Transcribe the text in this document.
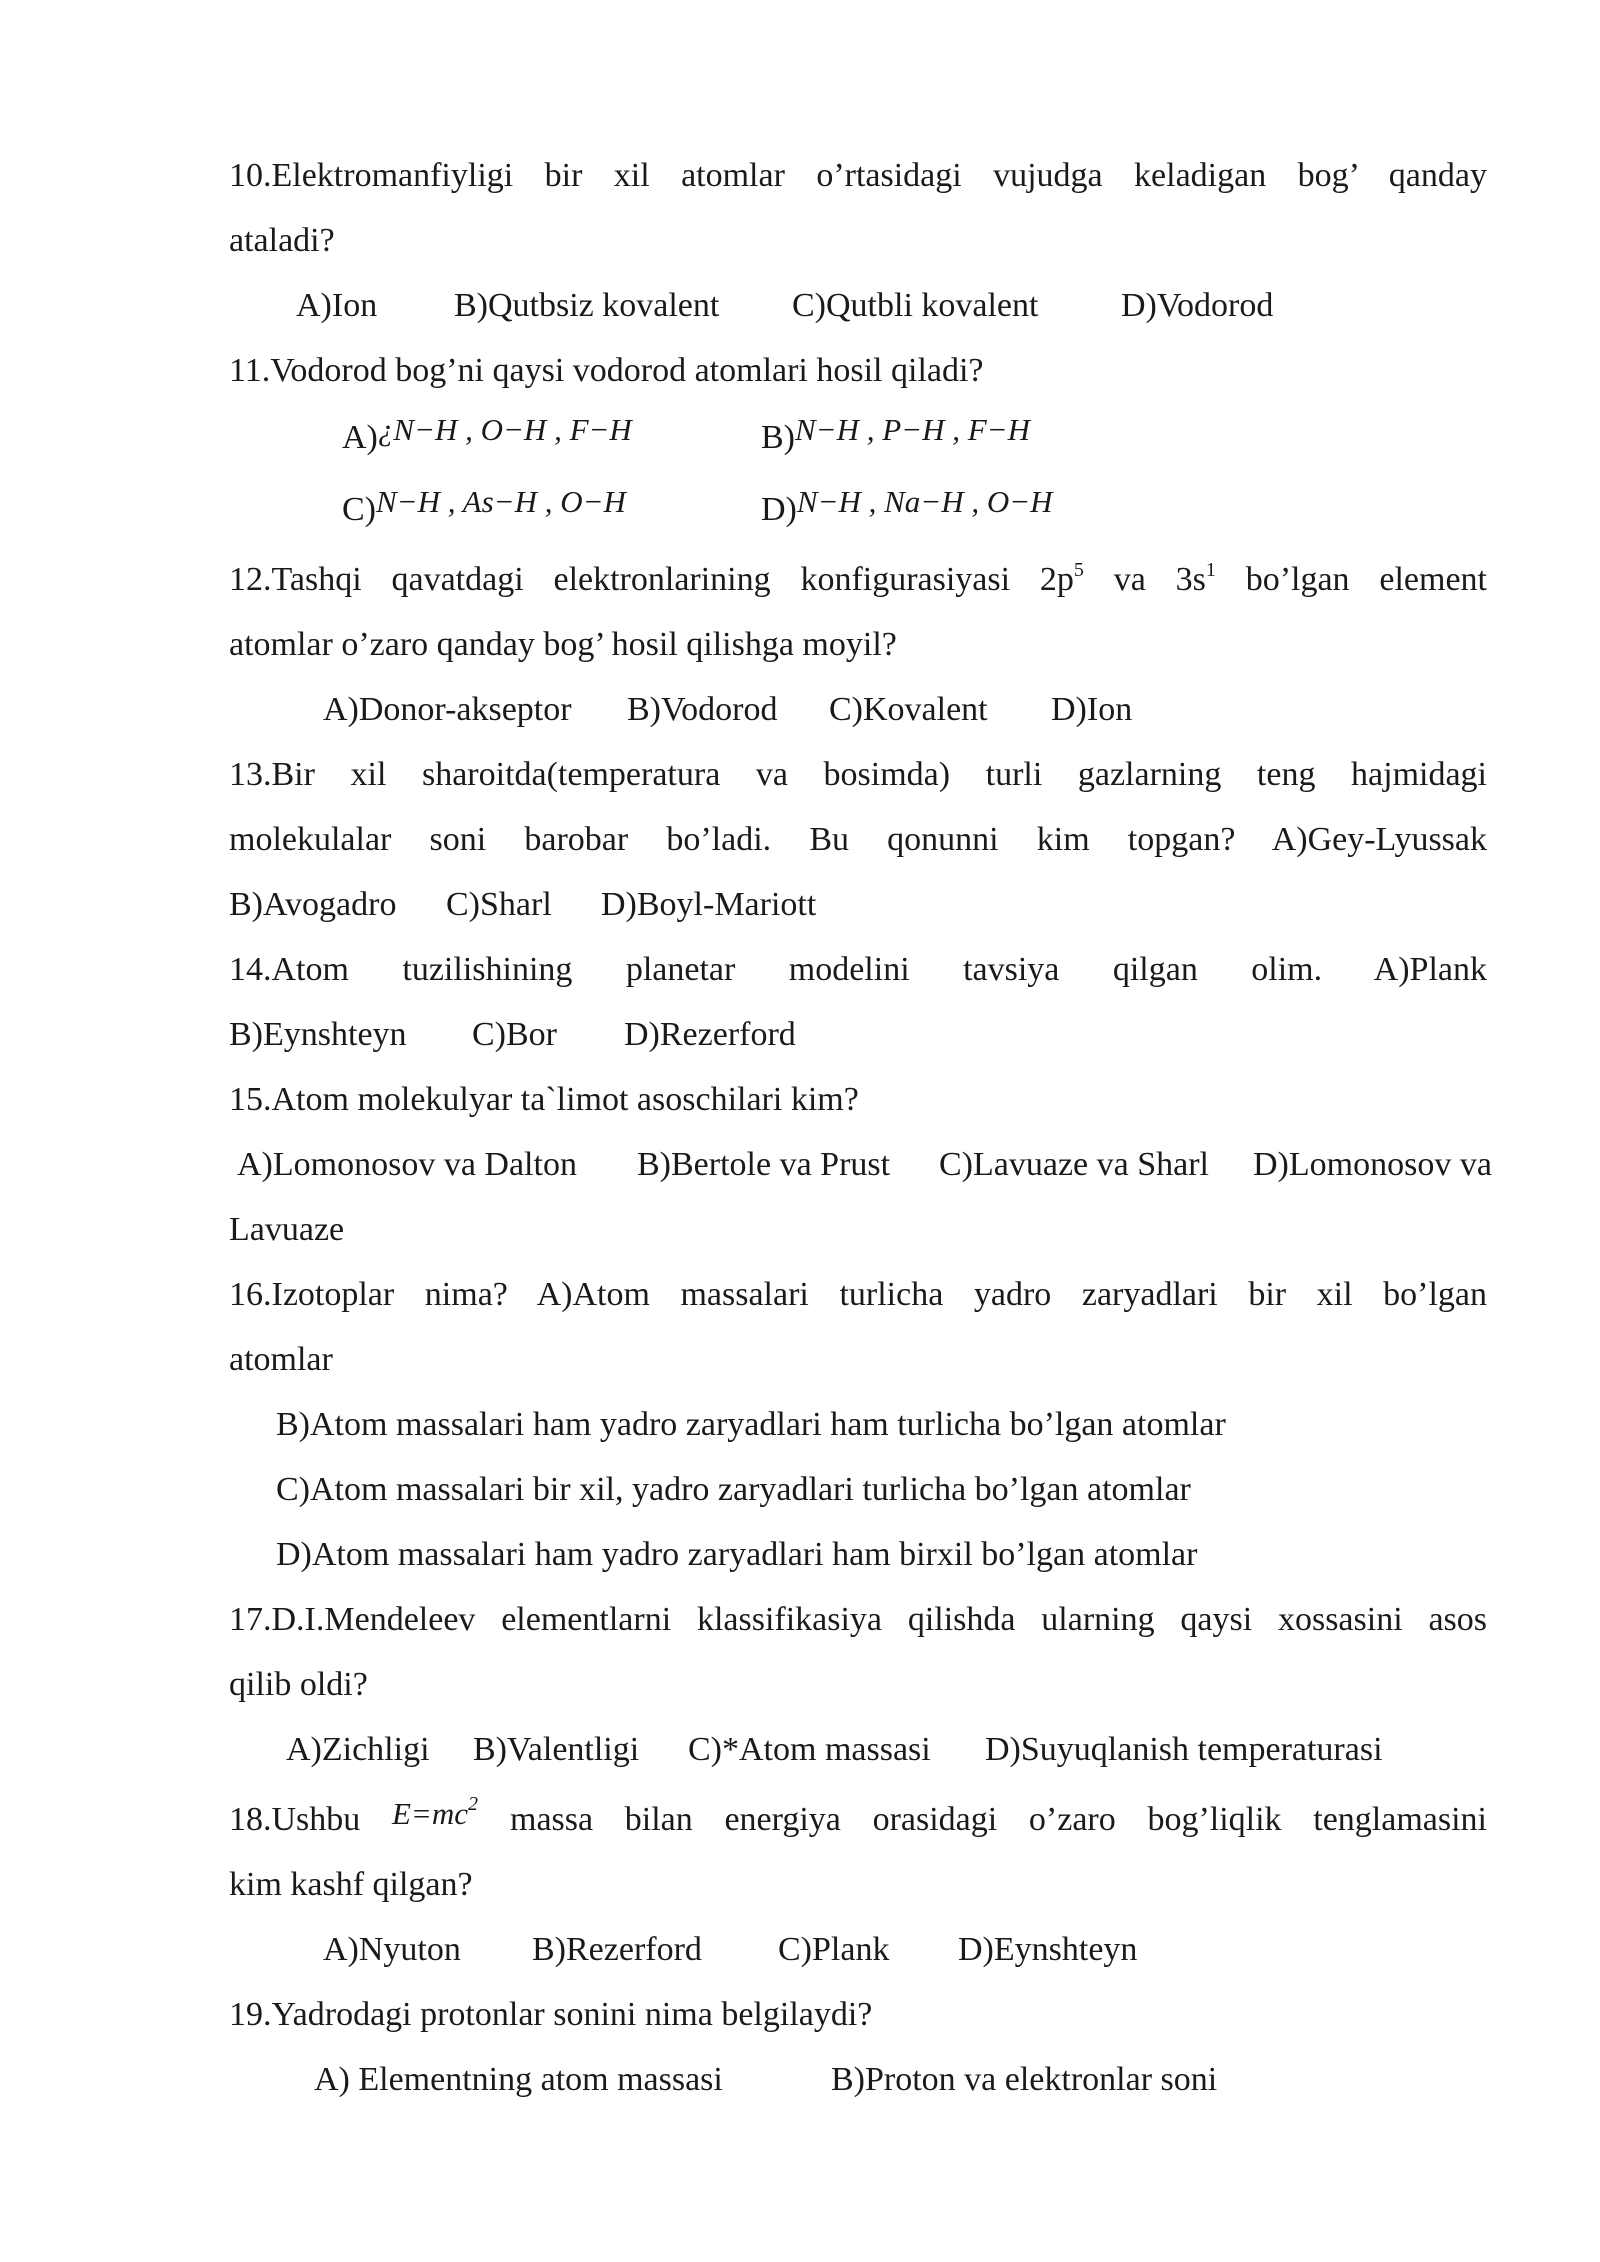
10.Elektromanfiyligi bir xil atomlar o’rtasidagi vujudga keladigan bog’ qanday
ataladi?
A)Ion B)Qutbsiz kovalent C)Qutbli kovalent D)Vodorod
11.Vodorod bog’ni qaysi vodorod atomlari hosil qiladi?
A)¿N−H , O−H , F−H	B)N−H , P−H , F−H
C)N−H , As−H , O−H	D)N−H , Na−H , O−H
12.Tashqi qavatdagi elektronlarining konfigurasiyasi $2p^5$ va $3s^1$ bo’lgan element
atomlar o’zaro qanday bog’ hosil qilishga moyil?
A)Donor-akseptor B)Vodorod C)Kovalent D)Ion
13.Bir xil sharoitda(temperatura va bosimda) turli gazlarning teng hajmidagi
molekulalar soni barobar bo’ladi. Bu qonunni kim topgan? A)Gey-Lyussak
B)Avogadro C)Sharl D)Boyl-Mariott
14.Atom tuzilishining planetar modelini tavsiya qilgan olim. A)Plank
B)Eynshteyn C)Bor D)Rezerford
15.Atom molekulyar ta`limot asoschilari kim?
A)Lomonosov va Dalton B)Bertole va Prust C)Lavuaze va Sharl D)Lomonosov va
Lavuaze
16.Izotoplar nima? A)Atom massalari turlicha yadro zaryadlari bir xil bo’lgan
atomlar
B)Atom massalari ham yadro zaryadlari ham turlicha bo’lgan atomlar
C)Atom massalari bir xil, yadro zaryadlari turlicha bo’lgan atomlar
D)Atom massalari ham yadro zaryadlari ham birxil bo’lgan atomlar
17.D.I.Mendeleev elementlarni klassifikasiya qilishda ularning qaysi xossasini asos
qilib oldi?
A)Zichligi B)Valentligi C)*Atom massasi D)Suyuqlanish temperaturasi
18.Ushbu $E=mc^2$ massa bilan energiya orasidagi o’zaro bog’liqlik tenglamasini
kim kashf qilgan?
A)Nyuton B)Rezerford C)Plank D)Eynshteyn
19.Yadrodagi protonlar sonini nima belgilaydi?
A) Elementning atom massasi	B)Proton va elektronlar soni
